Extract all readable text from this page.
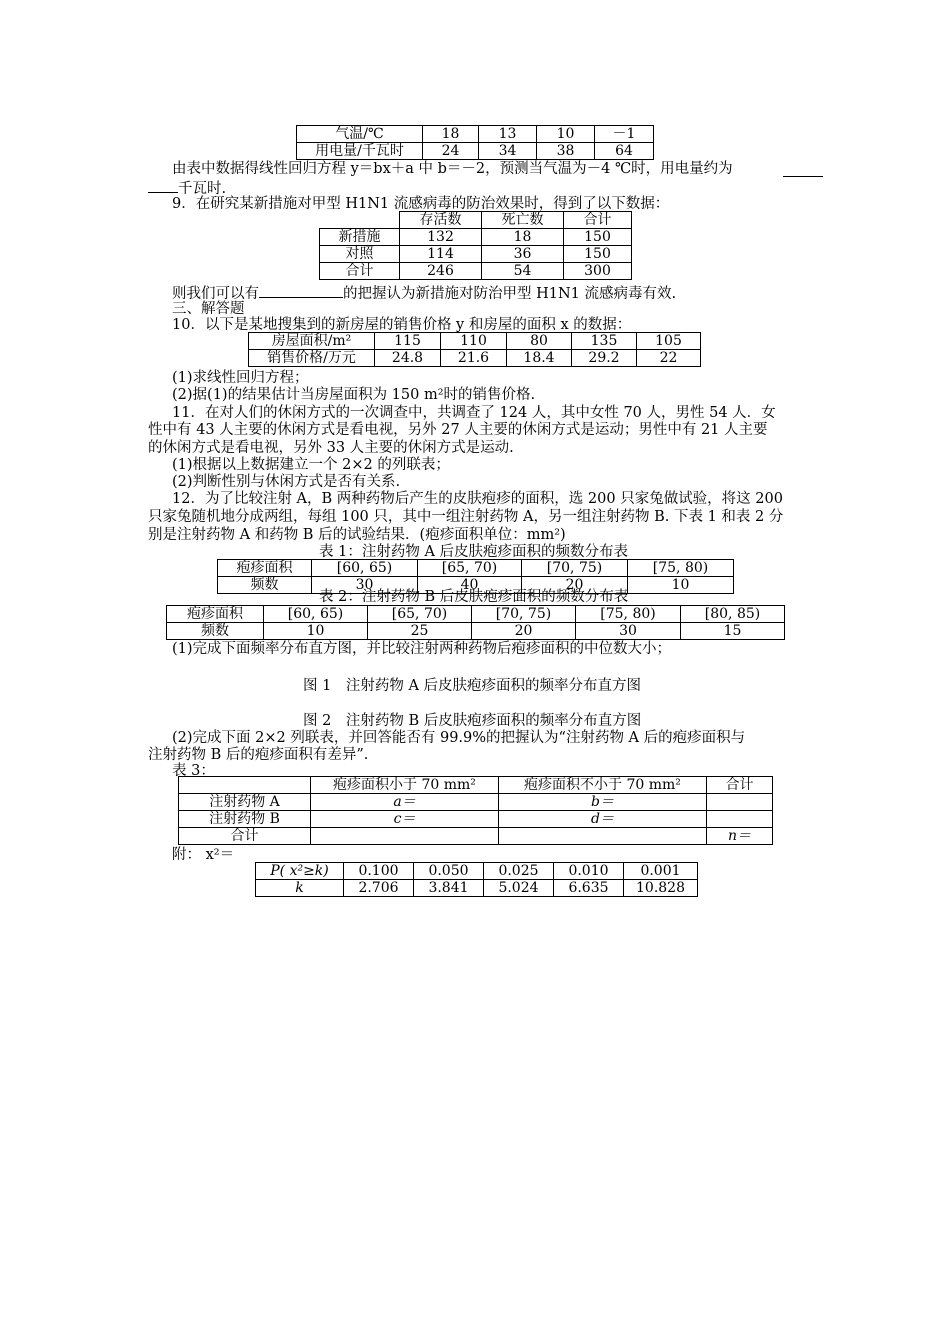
气温/℃	18	13	10	－1
用电量/千瓦时	24	34	38	64
由表中数据得线性回归方程 y＝bx＋a 中 b＝－2，预测当气温为－4 ℃时，用电量约为
千瓦时.
9．在研究某新措施对甲型 H1N1 流感病毒的防治效果时，得到了以下数据：
	存活数	死亡数	合计
新措施	132	18	150
对照	114	36	150
合计	246	54	300
则我们可以有	的把握认为新措施对防治甲型 H1N1 流感病毒有效.
三、解答题
10．以下是某地搜集到的新房屋的销售价格 y 和房屋的面积 x 的数据：
房屋面积/m²	115	110	80	135	105
销售价格/万元	24.8	21.6	18.4	29.2	22
(1)求线性回归方程；
(2)据(1)的结果估计当房屋面积为 150 m²时的销售价格.
11．在对人们的休闲方式的一次调查中，共调查了 124 人，其中女性 70 人，男性 54 人．女
性中有 43 人主要的休闲方式是看电视，另外 27 人主要的休闲方式是运动；男性中有 21 人主要
的休闲方式是看电视，另外 33 人主要的休闲方式是运动.
(1)根据以上数据建立一个 2×2 的列联表；
(2)判断性别与休闲方式是否有关系.
12．为了比较注射 A，B 两种药物后产生的皮肤疱疹的面积，选 200 只家兔做试验，将这 200
只家兔随机地分成两组，每组 100 只，其中一组注射药物 A，另一组注射药物 B. 下表 1 和表 2 分
别是注射药物 A 和药物 B 后的试验结果．(疱疹面积单位：mm²)
表 1：注射药物 A 后皮肤疱疹面积的频数分布表
疱疹面积	[60, 65)	[65, 70)	[70, 75)	[75, 80)
频数	30	40	20	10
表 2：注射药物 B 后皮肤疱疹面积的频数分布表
疱疹面积	[60, 65)	[65, 70)	[70, 75)	[75, 80)	[80, 85)
频数	10	25	20	30	15
(1)完成下面频率分布直方图，并比较注射两种药物后疱疹面积的中位数大小；
图 1　注射药物 A 后皮肤疱疹面积的频率分布直方图
图 2　注射药物 B 后皮肤疱疹面积的频率分布直方图
(2)完成下面 2×2 列联表，并回答能否有 99.9%的把握认为“注射药物 A 后的疱疹面积与
注射药物 B 后的疱疹面积有差异”.
表 3：
	疱疹面积小于 70 mm²	疱疹面积不小于 70 mm²	合计
注射药物 A	a＝	b＝	
注射药物 B	c＝	d＝	
合计			n＝
附： x²＝
P( x²≥k)	0.100	0.050	0.025	0.010	0.001
k	2.706	3.841	5.024	6.635	10.828
